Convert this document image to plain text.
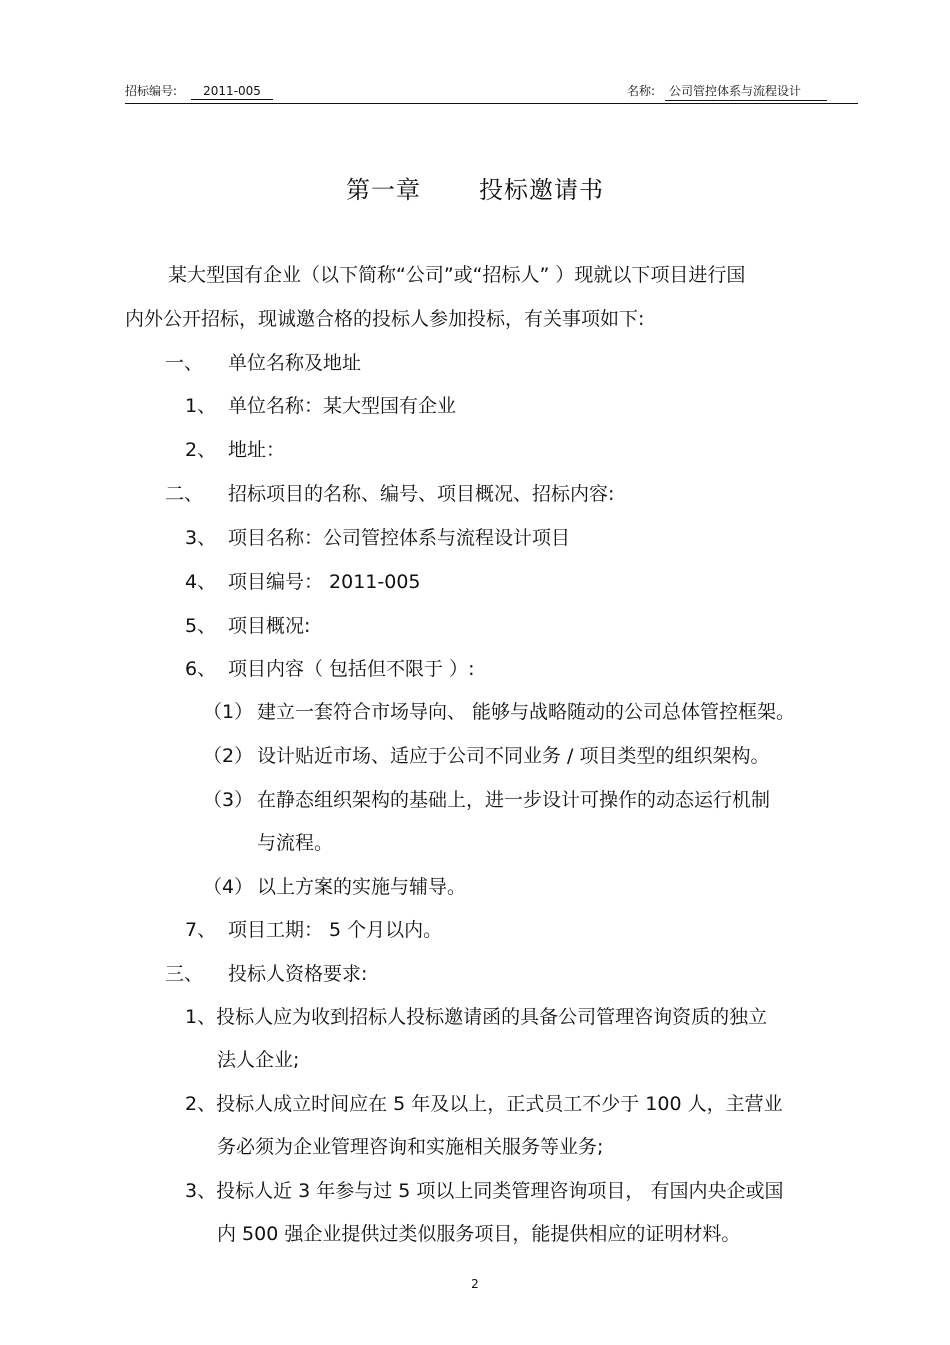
招标编号: 2011-005	名称: 公司管控体系与流程设计
第一章 投标邀请书
某大型国有企业（以下简称“公司”或“招标人” ）现就以下项目进行国
内外公开招标，现诚邀合格的投标人参加投标，有关事项如下:
一、 单位名称及地址
1、 单位名称：某大型国有企业
2、 地址：
二、 招标项目的名称、编号、项目概况、招标内容:
3、 项目名称：公司管控体系与流程设计项目
4、 项目编号： 2011-005
5、 项目概况:
6、 项目内容（ 包括但不限于 ）:
（1） 建立一套符合市场导向、 能够与战略随动的公司总体管控框架。
（2） 设计贴近市场、适应于公司不同业务 / 项目类型的组织架构。
（3） 在静态组织架构的基础上，进一步设计可操作的动态运行机制
与流程。
（4） 以上方案的实施与辅导。
7、 项目工期： 5 个月以内。
三、 投标人资格要求:
1、投标人应为收到招标人投标邀请函的具备公司管理咨询资质的独立
法人企业;
2、投标人成立时间应在 5 年及以上，正式员工不少于 100 人，主营业
务必须为企业管理咨询和实施相关服务等业务;
3、投标人近 3 年参与过 5 项以上同类管理咨询项目， 有国内央企或国
内 500 强企业提供过类似服务项目，能提供相应的证明材料。
2
